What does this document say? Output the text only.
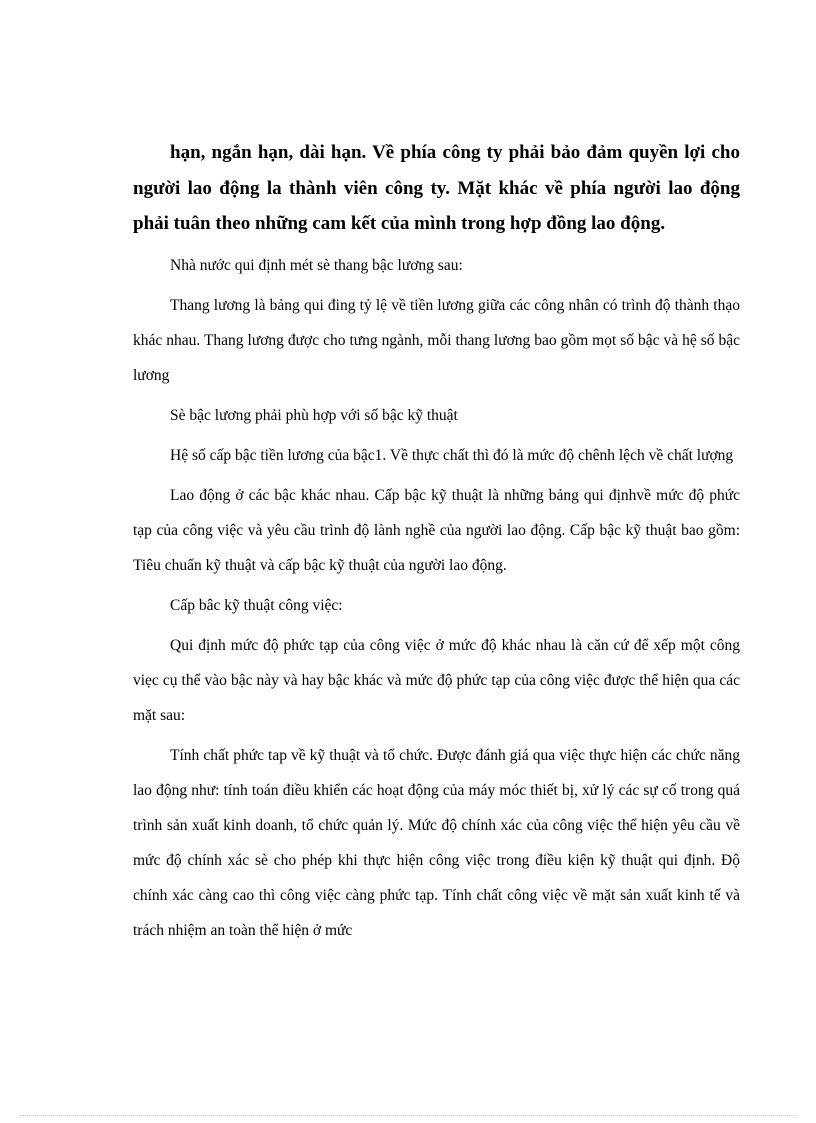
hạn, ngắn hạn, dài hạn. Về phía công ty phải bảo đảm quyền lợi cho người lao động la thành viên công ty. Mặt khác về phía người lao động phải tuân theo những cam kết của mình trong hợp đồng lao động.

Nhà nước qui định mét sè thang bậc lương sau:

Thang lương là bảng qui đing tỷ lệ về tiền lương giữa các công nhân có trình độ thành thạo khác nhau. Thang lương được cho tưng ngành, mỗi thang lương bao gồm mọt số bậc và hệ số bậc lương

Sè bậc lương phải phù hợp với số bậc kỹ thuật

Hệ số cấp bậc tiền lương của bậc1. Về thực chất thì đó là mức độ chênh lệch về chất lượng

Lao động ở các bậc khác nhau. Cấp bậc kỹ thuật là những bảng qui địnhvề mức độ phức tạp của công việc và yêu cầu trình độ lành nghề của người lao động. Cấp bậc kỹ thuật bao gồm: Tiêu chuẩn kỹ thuật và cấp bậc kỹ thuật của người lao động.

Cấp bâc kỹ thuật công việc:

Qui định mức độ phức tạp của công việc ở mức độ khác nhau là căn cứ để xếp một công viẹc cụ thể vào bậc này và hay bậc khác và mức độ phức tạp của công việc được thể hiện qua các mặt sau:

Tính chất phức tap về kỹ thuật và tổ chức. Được đánh giá qua việc thực hiện các chức năng lao động như: tính toán điều khiển các hoạt động của máy móc thiết bị, xử lý các sự cố trong quá trình sản xuất kinh doanh, tổ chức quản lý. Mức độ chính xác của công việc thể hiện yêu cầu về mức độ chính xác sè cho phép khi thực hiện công việc trong điều kiện kỹ thuật qui định. Độ chính xác càng cao thì công việc càng phức tạp. Tính chất công việc về mặt sản xuất kinh tế và trách nhiệm an toàn thể hiện ở mức
